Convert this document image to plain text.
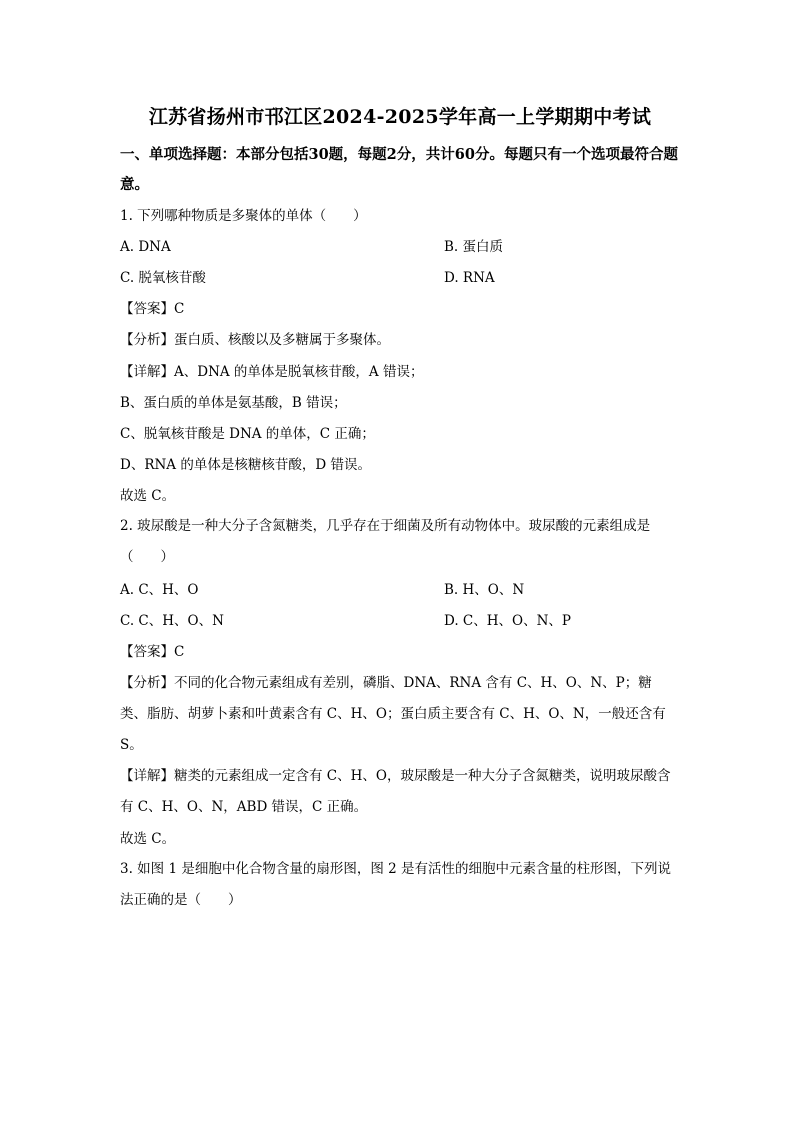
江苏省扬州市邗江区2024-2025学年高一上学期期中考试
一、单项选择题：本部分包括30题，每题2分，共计60分。每题只有一个选项最符合题意。
1. 下列哪种物质是多聚体的单体（　　）
A. DNA	B. 蛋白质
C. 脱氧核苷酸	D. RNA
【答案】C
【分析】蛋白质、核酸以及多糖属于多聚体。
【详解】A、DNA 的单体是脱氧核苷酸，A 错误；
B、蛋白质的单体是氨基酸，B 错误；
C、脱氧核苷酸是 DNA 的单体，C 正确；
D、RNA 的单体是核糖核苷酸，D 错误。
故选 C。
2. 玻尿酸是一种大分子含氮糖类，几乎存在于细菌及所有动物体中。玻尿酸的元素组成是（　　）
A. C、H、O	B. H、O、N
C. C、H、O、N	D. C、H、O、N、P
【答案】C
【分析】不同的化合物元素组成有差别，磷脂、DNA、RNA 含有 C、H、O、N、P；糖类、脂肪、胡萝卜素和叶黄素含有 C、H、O；蛋白质主要含有 C、H、O、N，一般还含有S。
【详解】糖类的元素组成一定含有 C、H、O，玻尿酸是一种大分子含氮糖类，说明玻尿酸含有 C、H、O、N，ABD 错误，C 正确。
故选 C。
3. 如图 1 是细胞中化合物含量的扇形图，图 2 是有活性的细胞中元素含量的柱形图，下列说法正确的是（　　）
